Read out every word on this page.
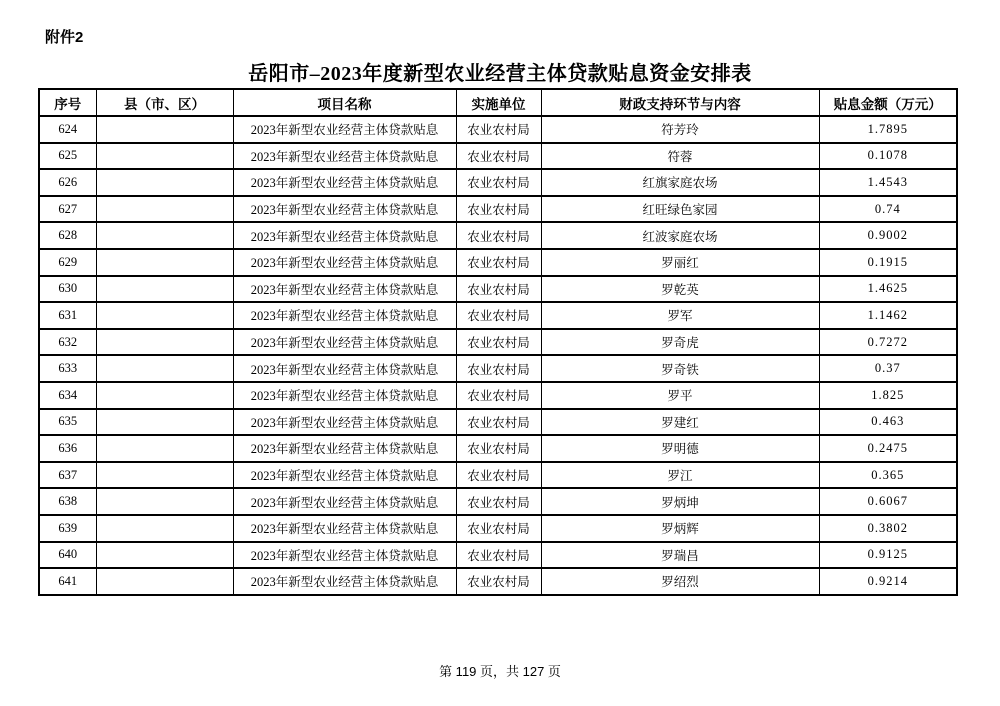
附件2
岳阳市–2023年度新型农业经营主体贷款贴息资金安排表
序号	县（市、区）	项目名称	实施单位	财政支持环节与内容	贴息金额（万元）
624		2023年新型农业经营主体贷款贴息	农业农村局	符芳玲	1.7895
625		2023年新型农业经营主体贷款贴息	农业农村局	符蓉	0.1078
626		2023年新型农业经营主体贷款贴息	农业农村局	红旗家庭农场	1.4543
627		2023年新型农业经营主体贷款贴息	农业农村局	红旺绿色家园	0.74
628		2023年新型农业经营主体贷款贴息	农业农村局	红波家庭农场	0.9002
629		2023年新型农业经营主体贷款贴息	农业农村局	罗丽红	0.1915
630		2023年新型农业经营主体贷款贴息	农业农村局	罗乾英	1.4625
631		2023年新型农业经营主体贷款贴息	农业农村局	罗军	1.1462
632		2023年新型农业经营主体贷款贴息	农业农村局	罗奇虎	0.7272
633		2023年新型农业经营主体贷款贴息	农业农村局	罗奇铁	0.37
634		2023年新型农业经营主体贷款贴息	农业农村局	罗平	1.825
635		2023年新型农业经营主体贷款贴息	农业农村局	罗建红	0.463
636		2023年新型农业经营主体贷款贴息	农业农村局	罗明德	0.2475
637		2023年新型农业经营主体贷款贴息	农业农村局	罗江	0.365
638		2023年新型农业经营主体贷款贴息	农业农村局	罗炳坤	0.6067
639		2023年新型农业经营主体贷款贴息	农业农村局	罗炳辉	0.3802
640		2023年新型农业经营主体贷款贴息	农业农村局	罗瑞昌	0.9125
641		2023年新型农业经营主体贷款贴息	农业农村局	罗绍烈	0.9214
第 119 页，共 127 页
